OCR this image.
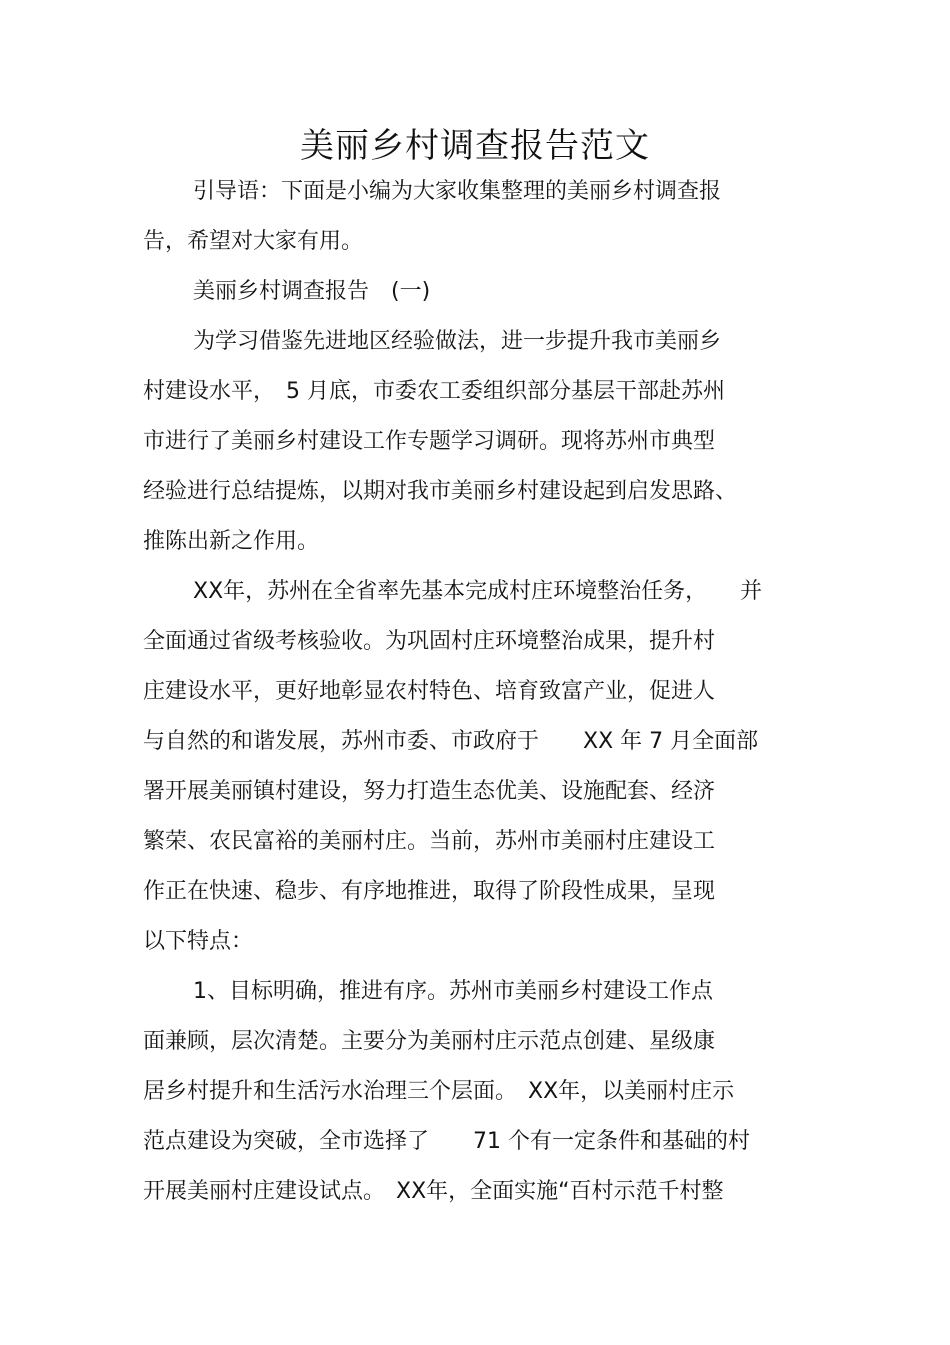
美丽乡村调查报告范文
引导语：下面是小编为大家收集整理的美丽乡村调查报
告，希望对大家有用。
美丽乡村调查报告　(一)
为学习借鉴先进地区经验做法，进一步提升我市美丽乡
村建设水平，　5 月底，市委农工委组织部分基层干部赴苏州
市进行了美丽乡村建设工作专题学习调研。现将苏州市典型
经验进行总结提炼，以期对我市美丽乡村建设起到启发思路、
推陈出新之作用。
XX年，苏州在全省率先基本完成村庄环境整治任务，　　并
全面通过省级考核验收。为巩固村庄环境整治成果，提升村
庄建设水平，更好地彰显农村特色、培育致富产业，促进人
与自然的和谐发展，苏州市委、市政府于　　XX 年 7 月全面部
署开展美丽镇村建设，努力打造生态优美、设施配套、经济
繁荣、农民富裕的美丽村庄。当前，苏州市美丽村庄建设工
作正在快速、稳步、有序地推进，取得了阶段性成果，呈现
以下特点：
1、目标明确，推进有序。苏州市美丽乡村建设工作点
面兼顾，层次清楚。主要分为美丽村庄示范点创建、星级康
居乡村提升和生活污水治理三个层面。　XX年，以美丽村庄示
范点建设为突破，全市选择了　　71 个有一定条件和基础的村
开展美丽村庄建设试点。　XX年，全面实施“百村示范千村整
